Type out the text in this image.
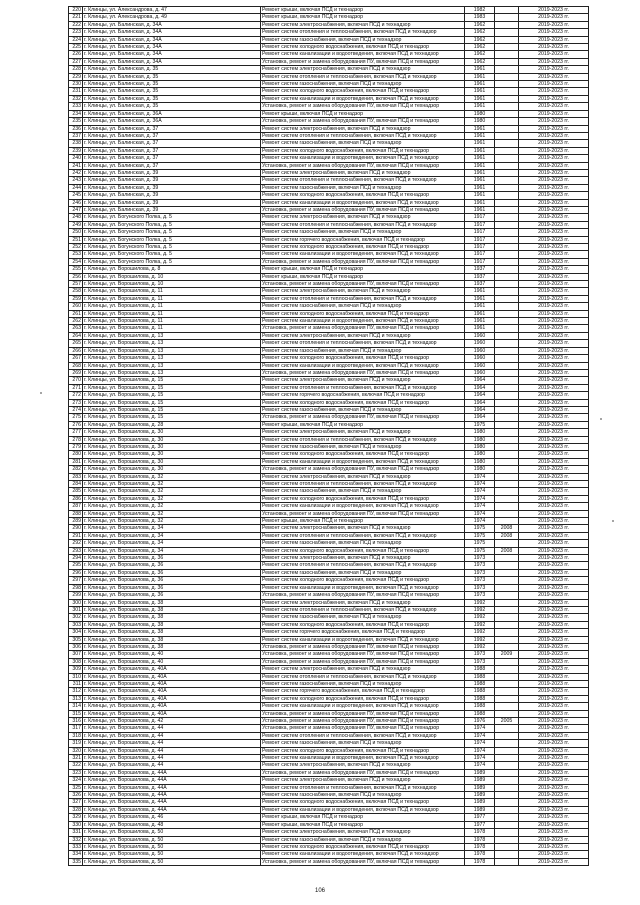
220	г. Клинцы, ул. Александрова, д. 47	Ремонт крыши, включая ПСД и технадзор	1982		2019-2023 гг.
221	г. Клинцы, ул. Александрова, д. 49	Ремонт крыши, включая ПСД и технадзор	1983		2019-2023 гг.
222	г. Клинцы, ул. Балинская, д. 34А	Ремонт систем электроснабжения, включая ПСД и технадзор	1962		2019-2023 гг.
223	г. Клинцы, ул. Балинская, д. 34А	Ремонт систем отопления и теплоснабжения, включая ПСД и технадзор	1962		2019-2023 гг.
224	г. Клинцы, ул. Балинская, д. 34А	Ремонт систем газоснабжения, включая ПСД и технадзор	1962		2019-2023 гг.
225	г. Клинцы, ул. Балинская, д. 34А	Ремонт систем холодного водоснабжения, включая ПСД и технадзор	1962		2019-2023 гг.
226	г. Клинцы, ул. Балинская, д. 34А	Ремонт систем канализации и водоотведения, включая ПСД и технадзор	1962		2019-2023 гг.
227	г. Клинцы, ул. Балинская, д. 34А	Установка, ремонт и замена оборудования ПУ, включая ПСД и технадзор	1962		2019-2023 гг.
228	г. Клинцы, ул. Балинская, д. 35	Ремонт систем электроснабжения, включая ПСД и технадзор	1961		2019-2023 гг.
229	г. Клинцы, ул. Балинская, д. 35	Ремонт систем отопления и теплоснабжения, включая ПСД и технадзор	1961		2019-2023 гг.
230	г. Клинцы, ул. Балинская, д. 35	Ремонт систем газоснабжения, включая ПСД и технадзор	1961		2019-2023 гг.
231	г. Клинцы, ул. Балинская, д. 35	Ремонт систем холодного водоснабжения, включая ПСД и технадзор	1961		2019-2023 гг.
232	г. Клинцы, ул. Балинская, д. 35	Ремонт систем канализации и водоотведения, включая ПСД и технадзор	1961		2019-2023 гг.
233	г. Клинцы, ул. Балинская, д. 35	Установка, ремонт и замена оборудования ПУ, включая ПСД и технадзор	1961		2019-2023 гг.
234	г. Клинцы, ул. Балинская, д. 36А	Ремонт крыши, включая ПСД и технадзор	1980		2019-2023 гг.
235	г. Клинцы, ул. Балинская, д. 36А	Установка, ремонт и замена оборудования ПУ, включая ПСД и технадзор	1980		2019-2023 гг.
236	г. Клинцы, ул. Балинская, д. 37	Ремонт систем электроснабжения, включая ПСД и технадзор	1961		2019-2023 гг.
237	г. Клинцы, ул. Балинская, д. 37	Ремонт систем отопления и теплоснабжения, включая ПСД и технадзор	1961		2019-2023 гг.
238	г. Клинцы, ул. Балинская, д. 37	Ремонт систем газоснабжения, включая ПСД и технадзор	1961		2019-2023 гг.
239	г. Клинцы, ул. Балинская, д. 37	Ремонт систем холодного водоснабжения, включая ПСД и технадзор	1961		2019-2023 гг.
240	г. Клинцы, ул. Балинская, д. 37	Ремонт систем канализации и водоотведения, включая ПСД и технадзор	1961		2019-2023 гг.
241	г. Клинцы, ул. Балинская, д. 37	Установка, ремонт и замена оборудования ПУ, включая ПСД и технадзор	1961		2019-2023 гг.
242	г. Клинцы, ул. Балинская, д. 39	Ремонт систем электроснабжения, включая ПСД и технадзор	1961		2019-2023 гг.
243	г. Клинцы, ул. Балинская, д. 39	Ремонт систем отопления и теплоснабжения, включая ПСД и технадзор	1961		2019-2023 гг.
244	г. Клинцы, ул. Балинская, д. 39	Ремонт систем газоснабжения, включая ПСД и технадзор	1961		2019-2023 гг.
245	г. Клинцы, ул. Балинская, д. 39	Ремонт систем холодного водоснабжения, включая ПСД и технадзор	1961		2019-2023 гг.
246	г. Клинцы, ул. Балинская, д. 39	Ремонт систем канализации и водоотведения, включая ПСД и технадзор	1961		2019-2023 гг.
247	г. Клинцы, ул. Балинская, д. 39	Установка, ремонт и замена оборудования ПУ, включая ПСД и технадзор	1961		2019-2023 гг.
248	г. Клинцы, ул. Богунского Полка, д. 5	Ремонт систем электроснабжения, включая ПСД и технадзор	1917		2019-2023 гг.
249	г. Клинцы, ул. Богунского Полка, д. 5	Ремонт систем отопления и теплоснабжения, включая ПСД и технадзор	1917		2019-2023 гг.
250	г. Клинцы, ул. Богунского Полка, д. 5	Ремонт систем газоснабжения, включая ПСД и технадзор	1917		2019-2023 гг.
251	г. Клинцы, ул. Богунского Полка, д. 5	Ремонт систем горячего водоснабжения, включая ПСД и технадзор	1917		2019-2023 гг.
252	г. Клинцы, ул. Богунского Полка, д. 5	Ремонт систем холодного водоснабжения, включая ПСД и технадзор	1917		2019-2023 гг.
253	г. Клинцы, ул. Богунского Полка, д. 5	Ремонт систем канализации и водоотведения, включая ПСД и технадзор	1917		2019-2023 гг.
254	г. Клинцы, ул. Богунского Полка, д. 5	Установка, ремонт и замена оборудования ПУ, включая ПСД и технадзор	1917		2019-2023 гг.
255	г. Клинцы, ул. Ворошилова, д. 8	Ремонт крыши, включая ПСД и технадзор	1937		2019-2023 гг.
256	г. Клинцы, ул. Ворошилова, д. 10	Ремонт крыши, включая ПСД и технадзор	1937		2019-2023 гг.
257	г. Клинцы, ул. Ворошилова, д. 10	Установка, ремонт и замена оборудования ПУ, включая ПСД и технадзор	1937		2019-2023 гг.
258	г. Клинцы, ул. Ворошилова, д. 11	Ремонт систем электроснабжения, включая ПСД и технадзор	1961		2019-2023 гг.
259	г. Клинцы, ул. Ворошилова, д. 11	Ремонт систем отопления и теплоснабжения, включая ПСД и технадзор	1961		2019-2023 гг.
260	г. Клинцы, ул. Ворошилова, д. 11	Ремонт систем газоснабжения, включая ПСД и технадзор	1961		2019-2023 гг.
261	г. Клинцы, ул. Ворошилова, д. 11	Ремонт систем холодного водоснабжения, включая ПСД и технадзор	1961		2019-2023 гг.
262	г. Клинцы, ул. Ворошилова, д. 11	Ремонт систем канализации и водоотведения, включая ПСД и технадзор	1961		2019-2023 гг.
263	г. Клинцы, ул. Ворошилова, д. 11	Установка, ремонт и замена оборудования ПУ, включая ПСД и технадзор	1961		2019-2023 гг.
264	г. Клинцы, ул. Ворошилова, д. 13	Ремонт систем электроснабжения, включая ПСД и технадзор	1960		2019-2023 гг.
265	г. Клинцы, ул. Ворошилова, д. 13	Ремонт систем отопления и теплоснабжения, включая ПСД и технадзор	1960		2019-2023 гг.
266	г. Клинцы, ул. Ворошилова, д. 13	Ремонт систем газоснабжения, включая ПСД и технадзор	1960		2019-2023 гг.
267	г. Клинцы, ул. Ворошилова, д. 13	Ремонт систем холодного водоснабжения, включая ПСД и технадзор	1960		2019-2023 гг.
268	г. Клинцы, ул. Ворошилова, д. 13	Ремонт систем канализации и водоотведения, включая ПСД и технадзор	1960		2019-2023 гг.
269	г. Клинцы, ул. Ворошилова, д. 13	Установка, ремонт и замена оборудования ПУ, включая ПСД и технадзор	1960		2019-2023 гг.
270	г. Клинцы, ул. Ворошилова, д. 15	Ремонт систем электроснабжения, включая ПСД и технадзор	1964		2019-2023 гг.
271	г. Клинцы, ул. Ворошилова, д. 15	Ремонт систем отопления и теплоснабжения, включая ПСД и технадзор	1964		2019-2023 гг.
272	г. Клинцы, ул. Ворошилова, д. 15	Ремонт систем горячего водоснабжения, включая ПСД и технадзор	1964		2019-2023 гг.
273	г. Клинцы, ул. Ворошилова, д. 15	Ремонт систем холодного водоснабжения, включая ПСД и технадзор	1964		2019-2023 гг.
274	г. Клинцы, ул. Ворошилова, д. 15	Ремонт систем газоснабжения, включая ПСД и технадзор	1964		2019-2023 гг.
275	г. Клинцы, ул. Ворошилова, д. 15	Установка, ремонт и замена оборудования ПУ, включая ПСД и технадзор	1964		2019-2023 гг.
276	г. Клинцы, ул. Ворошилова, д. 28	Ремонт крыши, включая ПСД и технадзор	1975		2019-2023 гг.
277	г. Клинцы, ул. Ворошилова, д. 30	Ремонт систем электроснабжения, включая ПСД и технадзор	1980		2019-2023 гг.
278	г. Клинцы, ул. Ворошилова, д. 30	Ремонт систем отопления и теплоснабжения, включая ПСД и технадзор	1980		2019-2023 гг.
279	г. Клинцы, ул. Ворошилова, д. 30	Ремонт систем газоснабжения, включая ПСД и технадзор	1980		2019-2023 гг.
280	г. Клинцы, ул. Ворошилова, д. 30	Ремонт систем холодного водоснабжения, включая ПСД и технадзор	1980		2019-2023 гг.
281	г. Клинцы, ул. Ворошилова, д. 30	Ремонт систем канализации и водоотведения, включая ПСД и технадзор	1980		2019-2023 гг.
282	г. Клинцы, ул. Ворошилова, д. 30	Установка, ремонт и замена оборудования ПУ, включая ПСД и технадзор	1980		2019-2023 гг.
283	г. Клинцы, ул. Ворошилова, д. 32	Ремонт систем электроснабжения, включая ПСД и технадзор	1974		2019-2023 гг.
284	г. Клинцы, ул. Ворошилова, д. 32	Ремонт систем отопления и теплоснабжения, включая ПСД и технадзор	1974		2019-2023 гг.
285	г. Клинцы, ул. Ворошилова, д. 32	Ремонт систем газоснабжения, включая ПСД и технадзор	1974		2019-2023 гг.
286	г. Клинцы, ул. Ворошилова, д. 32	Ремонт систем холодного водоснабжения, включая ПСД и технадзор	1974		2019-2023 гг.
287	г. Клинцы, ул. Ворошилова, д. 32	Ремонт систем канализации и водоотведения, включая ПСД и технадзор	1974		2019-2023 гг.
288	г. Клинцы, ул. Ворошилова, д. 32	Установка, ремонт и замена оборудования ПУ, включая ПСД и технадзор	1974		2019-2023 гг.
289	г. Клинцы, ул. Ворошилова, д. 32	Ремонт крыши, включая ПСД и технадзор	1974		2019-2023 гг.
290	г. Клинцы, ул. Ворошилова, д. 34	Ремонт систем электроснабжения, включая ПСД и технадзор	1975	2008	2019-2023 гг.
291	г. Клинцы, ул. Ворошилова, д. 34	Ремонт систем отопления и теплоснабжения, включая ПСД и технадзор	1975	2008	2019-2023 гг.
292	г. Клинцы, ул. Ворошилова, д. 34	Ремонт систем газоснабжения, включая ПСД и технадзор	1975		2019-2023 гг.
293	г. Клинцы, ул. Ворошилова, д. 34	Ремонт систем холодного водоснабжения, включая ПСД и технадзор	1975	2008	2019-2023 гг.
294	г. Клинцы, ул. Ворошилова, д. 36	Ремонт систем электроснабжения, включая ПСД и технадзор	1973		2019-2023 гг.
295	г. Клинцы, ул. Ворошилова, д. 36	Ремонт систем отопления и теплоснабжения, включая ПСД и технадзор	1973		2019-2023 гг.
296	г. Клинцы, ул. Ворошилова, д. 36	Ремонт систем газоснабжения, включая ПСД и технадзор	1973		2019-2023 гг.
297	г. Клинцы, ул. Ворошилова, д. 36	Ремонт систем холодного водоснабжения, включая ПСД и технадзор	1973		2019-2023 гг.
298	г. Клинцы, ул. Ворошилова, д. 36	Ремонт систем канализации и водоотведения, включая ПСД и технадзор	1973		2019-2023 гг.
299	г. Клинцы, ул. Ворошилова, д. 36	Установка, ремонт и замена оборудования ПУ, включая ПСД и технадзор	1973		2019-2023 гг.
300	г. Клинцы, ул. Ворошилова, д. 38	Ремонт систем электроснабжения, включая ПСД и технадзор	1992		2019-2023 гг.
301	г. Клинцы, ул. Ворошилова, д. 38	Ремонт систем отопления и теплоснабжения, включая ПСД и технадзор	1992		2019-2023 гг.
302	г. Клинцы, ул. Ворошилова, д. 38	Ремонт систем газоснабжения, включая ПСД и технадзор	1992		2019-2023 гг.
303	г. Клинцы, ул. Ворошилова, д. 38	Ремонт систем холодного водоснабжения, включая ПСД и технадзор	1992		2019-2023 гг.
304	г. Клинцы, ул. Ворошилова, д. 38	Ремонт систем горячего водоснабжения, включая ПСД и технадзор	1992		2019-2023 гг.
305	г. Клинцы, ул. Ворошилова, д. 38	Ремонт систем канализации и водоотведения, включая ПСД и технадзор	1992		2019-2023 гг.
306	г. Клинцы, ул. Ворошилова, д. 38	Установка, ремонт и замена оборудования ПУ, включая ПСД и технадзор	1992		2019-2023 гг.
307	г. Клинцы, ул. Ворошилова, д. 40	Установка, ремонт и замена оборудования ПУ, включая ПСД и технадзор	1973	2009	2019-2023 гг.
308	г. Клинцы, ул. Ворошилова, д. 40	Установка, ремонт и замена оборудования ПУ, включая ПСД и технадзор	1973		2019-2023 гг.
309	г. Клинцы, ул. Ворошилова, д. 40А	Ремонт систем электроснабжения, включая ПСД и технадзор	1988		2019-2023 гг.
310	г. Клинцы, ул. Ворошилова, д. 40А	Ремонт систем отопления и теплоснабжения, включая ПСД и технадзор	1988		2019-2023 гг.
311	г. Клинцы, ул. Ворошилова, д. 40А	Ремонт систем газоснабжения, включая ПСД и технадзор	1988		2019-2023 гг.
312	г. Клинцы, ул. Ворошилова, д. 40А	Ремонт систем горячего водоснабжения, включая ПСД и технадзор	1988		2019-2023 гг.
313	г. Клинцы, ул. Ворошилова, д. 40А	Ремонт систем холодного водоснабжения, включая ПСД и технадзор	1988		2019-2023 гг.
314	г. Клинцы, ул. Ворошилова, д. 40А	Ремонт систем канализации и водоотведения, включая ПСД и технадзор	1988		2019-2023 гг.
315	г. Клинцы, ул. Ворошилова, д. 40А	Установка, ремонт и замена оборудования ПУ, включая ПСД и технадзор	1988		2019-2023 гг.
316	г. Клинцы, ул. Ворошилова, д. 42	Установка, ремонт и замена оборудования ПУ, включая ПСД и технадзор	1976	2005	2019-2023 гг.
317	г. Клинцы, ул. Ворошилова, д. 44	Установка, ремонт и замена оборудования ПУ, включая ПСД и технадзор	1974		2019-2023 гг.
318	г. Клинцы, ул. Ворошилова, д. 44	Ремонт систем отопления и теплоснабжения, включая ПСД и технадзор	1974		2019-2023 гг.
319	г. Клинцы, ул. Ворошилова, д. 44	Ремонт систем газоснабжения, включая ПСД и технадзор	1974		2019-2023 гг.
320	г. Клинцы, ул. Ворошилова, д. 44	Ремонт систем холодного водоснабжения, включая ПСД и технадзор	1974		2019-2023 гг.
321	г. Клинцы, ул. Ворошилова, д. 44	Ремонт систем канализации и водоотведения, включая ПСД и технадзор	1974		2019-2023 гг.
322	г. Клинцы, ул. Ворошилова, д. 44	Ремонт систем электроснабжения, включая ПСД и технадзор	1974		2019-2023 гг.
323	г. Клинцы, ул. Ворошилова, д. 44А	Установка, ремонт и замена оборудования ПУ, включая ПСД и технадзор	1989		2019-2023 гг.
324	г. Клинцы, ул. Ворошилова, д. 44А	Ремонт систем электроснабжения, включая ПСД и технадзор	1989		2019-2023 гг.
325	г. Клинцы, ул. Ворошилова, д. 44А	Ремонт систем отопления и теплоснабжения, включая ПСД и технадзор	1989		2019-2023 гг.
326	г. Клинцы, ул. Ворошилова, д. 44А	Ремонт систем газоснабжения, включая ПСД и технадзор	1989		2019-2023 гг.
327	г. Клинцы, ул. Ворошилова, д. 44А	Ремонт систем холодного водоснабжения, включая ПСД и технадзор	1989		2019-2023 гг.
328	г. Клинцы, ул. Ворошилова, д. 44А	Ремонт систем канализации и водоотведения, включая ПСД и технадзор	1989		2019-2023 гг.
329	г. Клинцы, ул. Ворошилова, д. 46	Ремонт крыши, включая ПСД и технадзор	1977		2019-2023 гг.
330	г. Клинцы, ул. Ворошилова, д. 48	Ремонт крыши, включая ПСД и технадзор	1977		2019-2023 гг.
331	г. Клинцы, ул. Ворошилова, д. 50	Ремонт систем электроснабжения, включая ПСД и технадзор	1978		2019-2023 гг.
332	г. Клинцы, ул. Ворошилова, д. 50	Ремонт систем газоснабжения, включая ПСД и технадзор	1978		2019-2023 гг.
333	г. Клинцы, ул. Ворошилова, д. 50	Ремонт систем холодного водоснабжения, включая ПСД и технадзор	1978		2019-2023 гг.
334	г. Клинцы, ул. Ворошилова, д. 50	Ремонт систем канализации и водоотведения, включая ПСД и технадзор	1978		2019-2023 гг.
335	г. Клинцы, ул. Ворошилова, д. 50	Установка, ремонт и замена оборудования ПУ, включая ПСД и технадзор	1978		2019-2023 гг.
106
